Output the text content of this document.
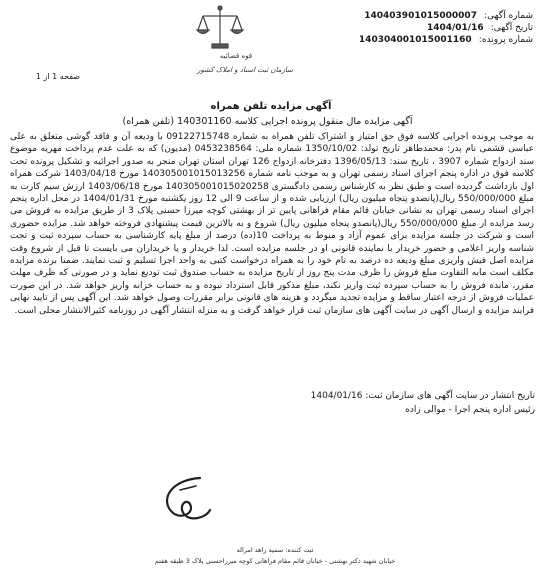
شماره آگهی: 140403901015000007
تاریخ آگهی: 1404/01/16
شماره پرونده: 140304001015001160
قوه قضائیه
سازمان ثبت اسناد و املاک کشور
صفحه 1 از 1
آگهی مزایده تلفن همراه
آگهی مزایده مال منقول پرونده اجرایی کلاسه 140301160 (تلفن همراه)

به موجب پرونده اجرایی کلاسه فوق حق امتیاز و اشتراک تلفن همراه به شماره 09122715748 با ودیعه آن و فاقد گوشی متعلق به علی عباسی قشمی نام پدر: محمدطاهر تاریخ تولد: 1350/10/02 شماره ملی: 0453238564 (مدیون) که به علت عدم پرداخت مهریه موضوع سند ازدواج شماره 3907 ، تاریخ سند: 1396/05/13 دفترخانه ازدواج 126 تهران استان تهران منجر به صدور اجرائیه و تشکیل پرونده تحت کلاسه فوق در اداره پنجم اجرای اسناد رسمی تهران و به موجب نامه شماره 140305001015013256 مورخ 1403/04/18 شرکت همراه اول بازداشت گردیده است و طبق نظر به کارشناس رسمی دادگستری 140305001015020258 مورخ 1403/06/18 ارزش سیم کارت به مبلغ 550/000/000 ریال(پانصدو پنجاه میلیون ریال) ارزیابی شده و از ساعت 9 الی 12 روز یکشنبه مورخ 1404/01/31 در محل اداره پنجم اجرای اسناد رسمی تهران به نشانی خیابان قائم مقام فراهانی پایین تر از بهشتی کوچه میرزا حسنی پلاک 3 از طریق مزایده به فروش می رسد مزایده از مبلغ 550/000/000 ریال(پانصدو پنجاه میلیون ریال) شروع و به بالاترین قیمت پیشنهادی فروخته خواهد شد. مزایده حضوری است و شرکت در جلسه مزایده برای عموم آزاد و منوط به پرداخت 10(ده) درصد از مبلغ پایه کارشناسی به حساب سپرده ثبت و تحت شناسه واریز اعلامی و حضور خریدار با نماینده قانونی او در جلسه مزایده است. لذا خریدار و یا خریداران می بایست تا قبل از شروع وقت مزایده اصل فیش واریزی مبلغ ودیعه ده درصد به نام خود را به همراه درخواست کتبی به واحد اجرا تسلیم و ثبت نمایند. ضمنا برنده مزایده مکلف است مابه التفاوت مبلغ فروش را ظرف مدت پنج روز از تاریخ مزایده به حساب صندوق ثبت تودیع نماید و در صورتی که ظرف مهلت مقرر، مانده فروش را به حساب سپرده ثبت واریز نکند، مبلغ مذکور قابل استرداد نبوده و به حساب خزانه واریز خواهد شد. در این صورت عملیات فروش از درجه اعتبار ساقط و مزایده تجدید میگردد و هزینه های قانونی برابر مقررات وصول خواهد شد. این آگهی پس از تایید نهایی فرایند مزایده و ارسال آگهی در سایت آگهی های سازمان ثبت قرار خواهد گرفت و به منزله انتشار آگهی در روزنامه کثیرالانتشار محلی است.

تاریخ انتشار در سایت آگهی های سازمان ثبت: 1404/01/16
رئیس اداره پنجم اجرا - موالی زاده
ثبت کننده: سمیه زاهد امراله
خیابان شهید دکتر بهشتی - خیابان قائم مقام فراهانی کوچه میرزاحسنی پلاک 3 طبقه هفتم
